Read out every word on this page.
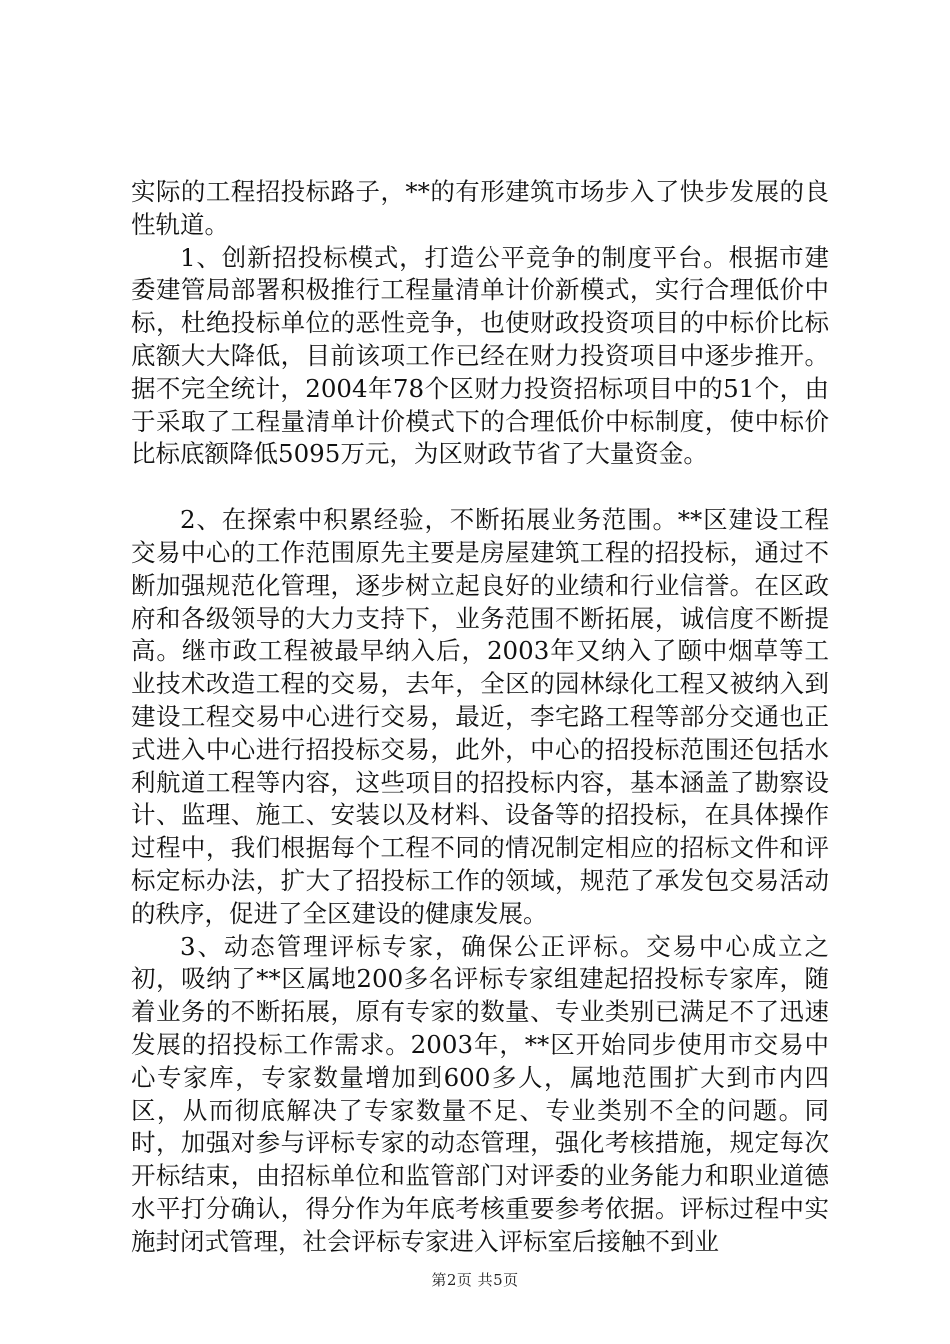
实际的工程招投标路子，**的有形建筑市场步入了快步发展的良性轨道。

1、创新招投标模式，打造公平竞争的制度平台。根据市建委建管局部署积极推行工程量清单计价新模式，实行合理低价中标，杜绝投标单位的恶性竞争，也使财政投资项目的中标价比标底额大大降低，目前该项工作已经在财力投资项目中逐步推开。据不完全统计，2004年78个区财力投资招标项目中的51个，由于采取了工程量清单计价模式下的合理低价中标制度，使中标价比标底额降低5095万元，为区财政节省了大量资金。

2、在探索中积累经验，不断拓展业务范围。**区建设工程交易中心的工作范围原先主要是房屋建筑工程的招投标，通过不断加强规范化管理，逐步树立起良好的业绩和行业信誉。在区政府和各级领导的大力支持下，业务范围不断拓展，诚信度不断提高。继市政工程被最早纳入后，2003年又纳入了颐中烟草等工业技术改造工程的交易，去年，全区的园林绿化工程又被纳入到建设工程交易中心进行交易，最近，李宅路工程等部分交通也正式进入中心进行招投标交易，此外，中心的招投标范围还包括水利航道工程等内容，这些项目的招投标内容，基本涵盖了勘察设计、监理、施工、安装以及材料、设备等的招投标，在具体操作过程中，我们根据每个工程不同的情况制定相应的招标文件和评标定标办法，扩大了招投标工作的领域，规范了承发包交易活动的秩序，促进了全区建设的健康发展。

3、动态管理评标专家，确保公正评标。交易中心成立之初，吸纳了**区属地200多名评标专家组建起招投标专家库，随着业务的不断拓展，原有专家的数量、专业类别已满足不了迅速发展的招投标工作需求。2003年，**区开始同步使用市交易中心专家库，专家数量增加到600多人，属地范围扩大到市内四区，从而彻底解决了专家数量不足、专业类别不全的问题。同时，加强对参与评标专家的动态管理，强化考核措施，规定每次开标结束，由招标单位和监管部门对评委的业务能力和职业道德水平打分确认，得分作为年底考核重要参考依据。评标过程中实施封闭式管理，社会评标专家进入评标室后接触不到业

第2页 共5页
